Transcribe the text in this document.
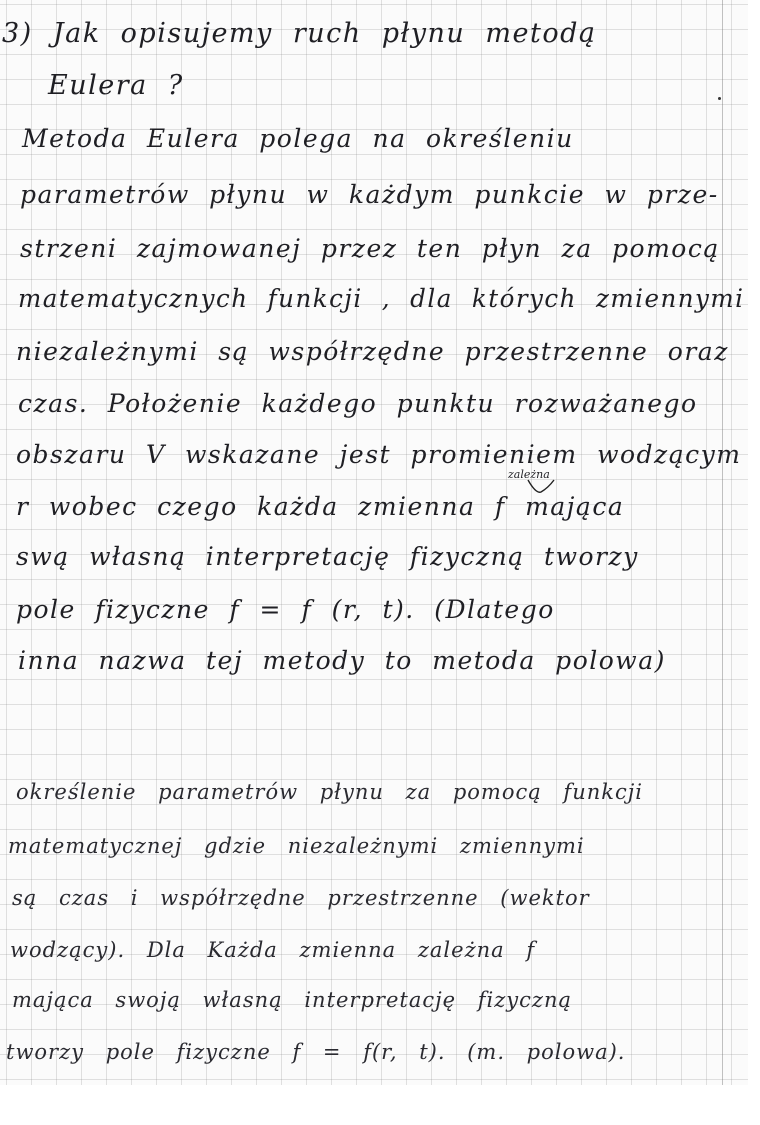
3) Jak opisujemy ruch płynu metodą
Eulera ?
Metoda Eulera polega na określeniu
parametrów płynu w każdym punkcie w prze-
strzeni zajmowanej przez ten płyn za pomocą
matematycznych funkcji , dla których zmiennymi
niezależnymi są współrzędne przestrzenne oraz
czas. Położenie każdego punktu rozważanego
obszaru V wskazane jest promieniem wodzącym
r wobec czego każda zmienna f mająca
swą własną interpretację fizyczną tworzy
pole fizyczne f = f (r, t). (Dlatego
inna nazwa tej metody to metoda polowa)
zależna
określenie parametrów płynu za pomocą funkcji
matematycznej gdzie niezależnymi zmiennymi
są czas i współrzędne przestrzenne (wektor
wodzący). Dla Każda zmienna zależna f
mająca swoją własną interpretację fizyczną
tworzy pole fizyczne f = f(r, t). (m. polowa).
